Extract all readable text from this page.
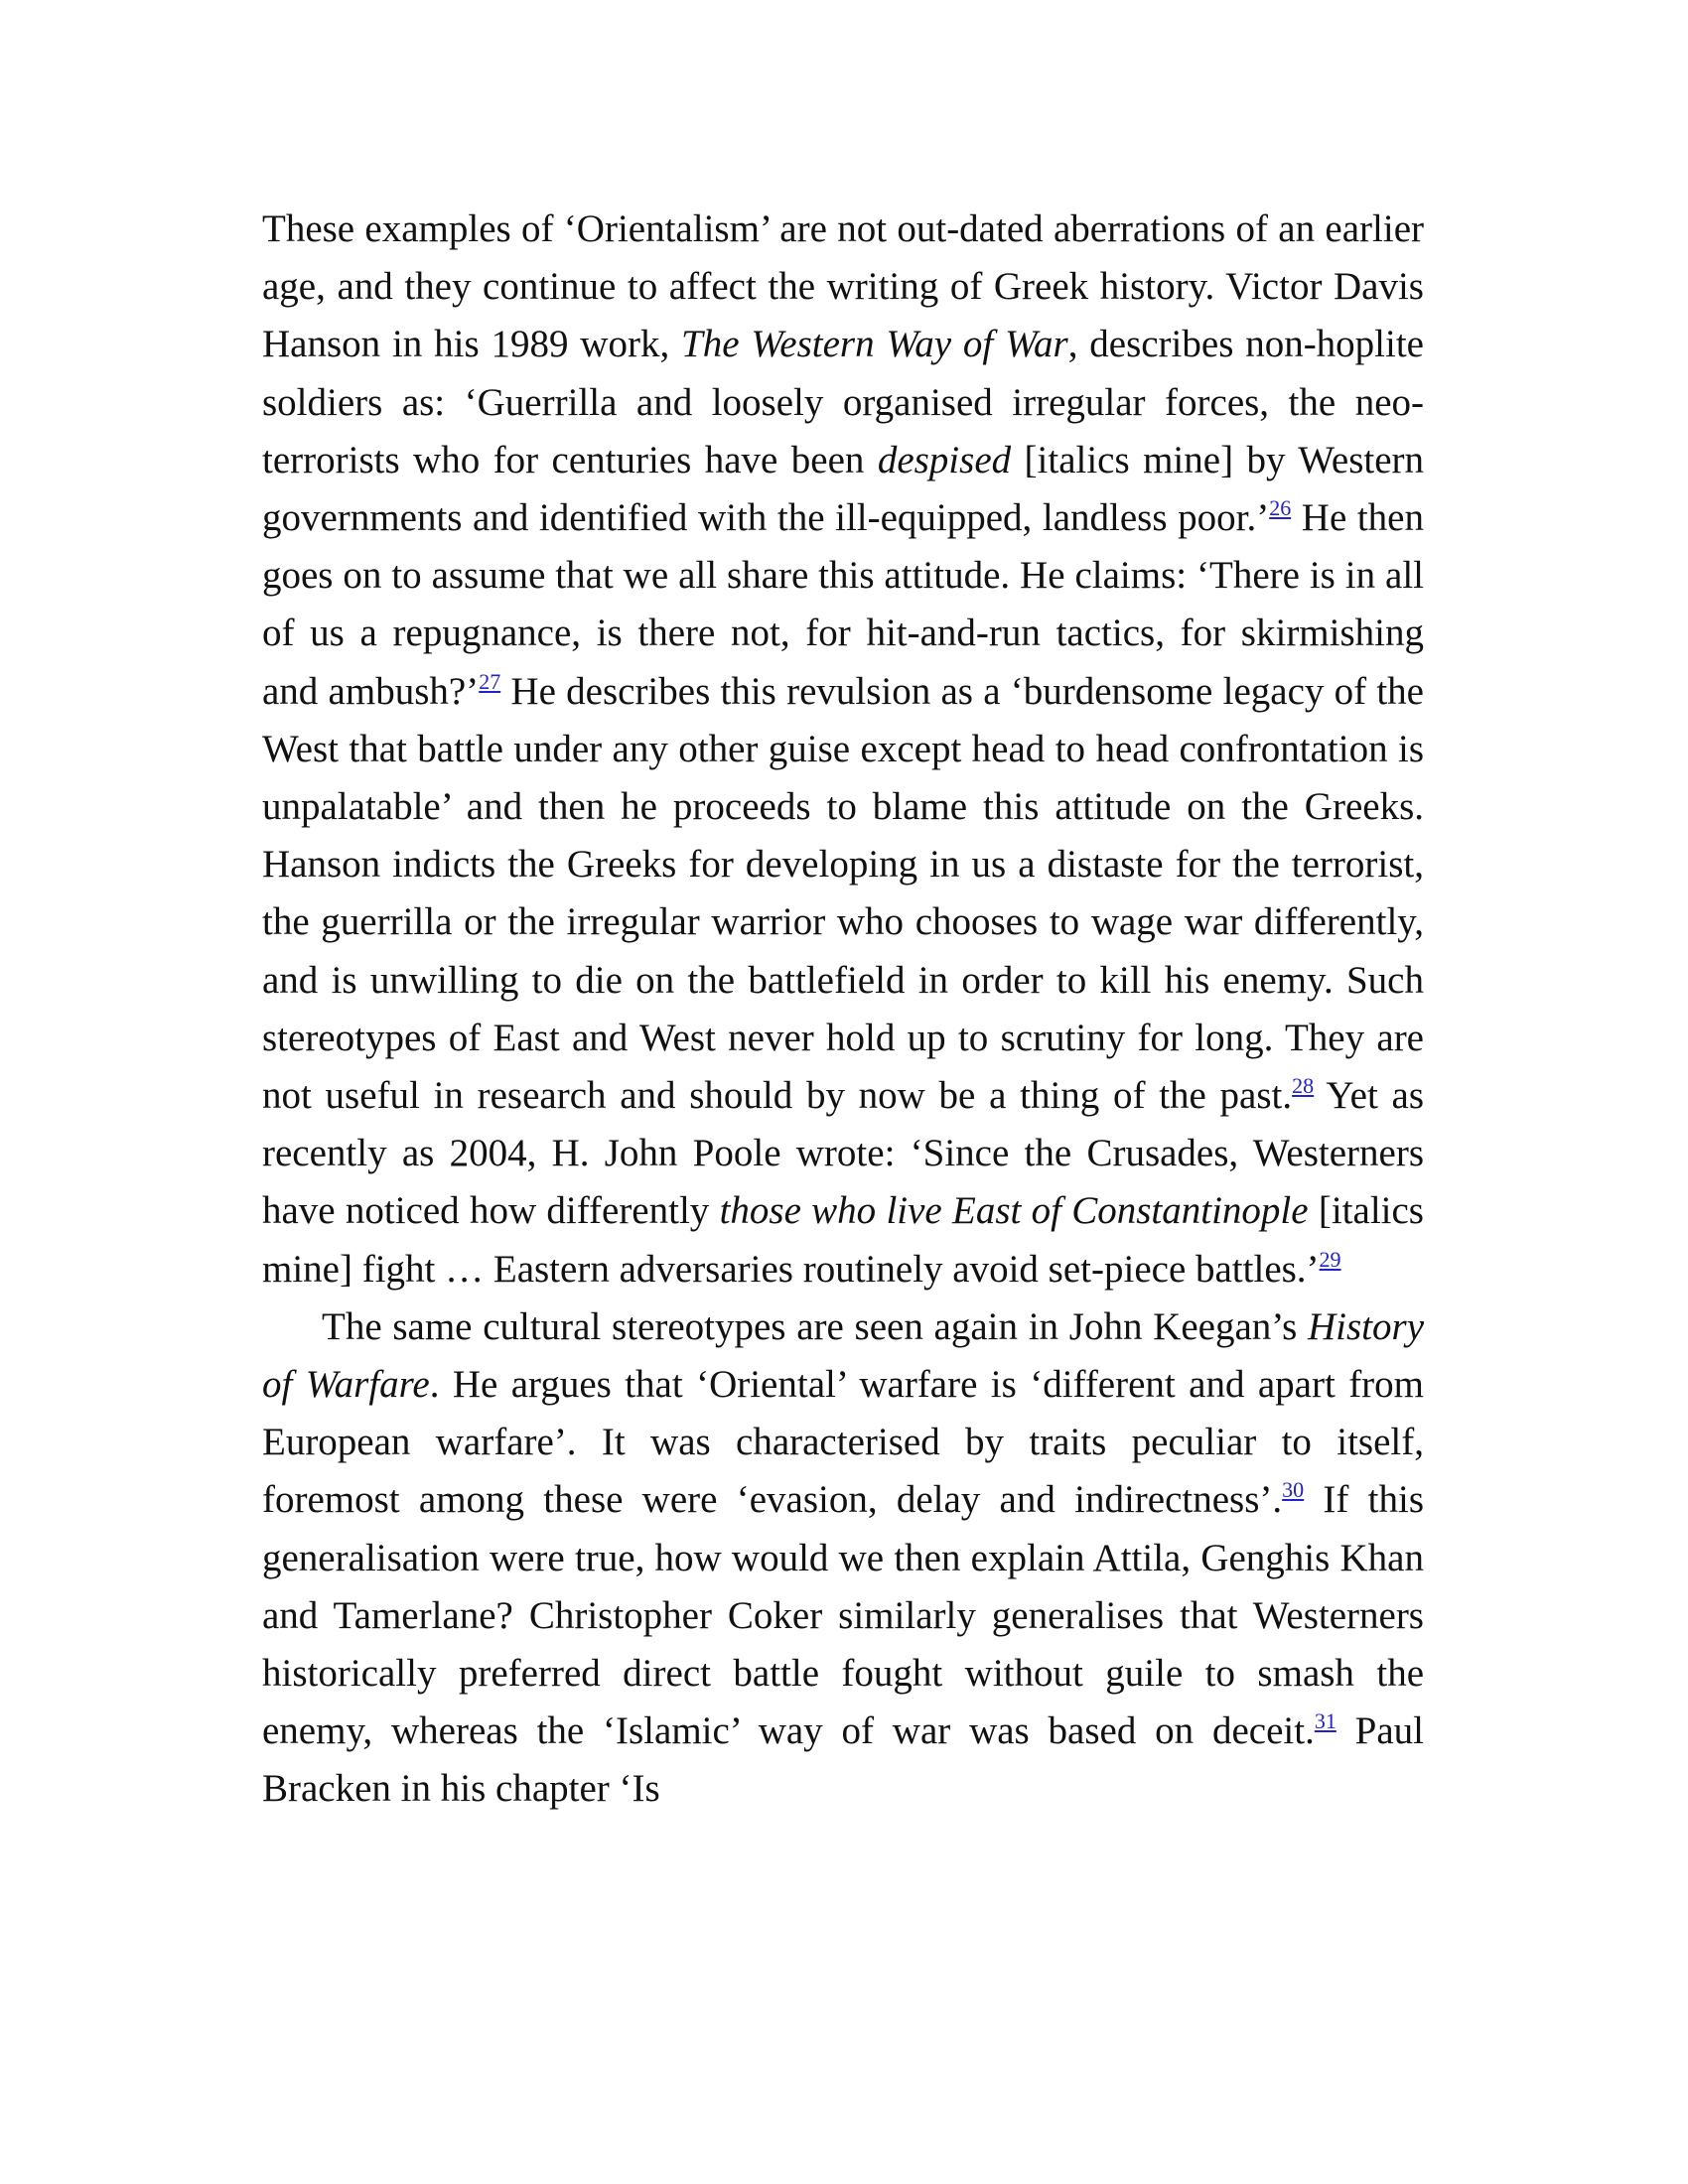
These examples of ‘Orientalism’ are not out-dated aberrations of an earlier age, and they continue to affect the writing of Greek history. Victor Davis Hanson in his 1989 work, The Western Way of War, describes non-hoplite soldiers as: ‘Guerrilla and loosely organised irregular forces, the neo-terrorists who for centuries have been despised [italics mine] by Western governments and identified with the ill-equipped, landless poor.’$^{26}$ He then goes on to assume that we all share this attitude. He claims: ‘There is in all of us a repugnance, is there not, for hit-and-run tactics, for skirmishing and ambush?’$^{27}$ He describes this revulsion as a ‘burdensome legacy of the West that battle under any other guise except head to head confrontation is unpalatable’ and then he proceeds to blame this attitude on the Greeks. Hanson indicts the Greeks for developing in us a distaste for the terrorist, the guerrilla or the irregular warrior who chooses to wage war differently, and is unwilling to die on the battlefield in order to kill his enemy. Such stereotypes of East and West never hold up to scrutiny for long. They are not useful in research and should by now be a thing of the past.$^{28}$ Yet as recently as 2004, H. John Poole wrote: ‘Since the Crusades, Westerners have noticed how differently those who live East of Constantinople [italics mine] fight … Eastern adversaries routinely avoid set-piece battles.’$^{29}$

The same cultural stereotypes are seen again in John Keegan’s History of Warfare. He argues that ‘Oriental’ warfare is ‘different and apart from European warfare’. It was characterised by traits peculiar to itself, foremost among these were ‘evasion, delay and indirectness’.$^{30}$ If this generalisation were true, how would we then explain Attila, Genghis Khan and Tamerlane? Christopher Coker similarly generalises that Westerners historically preferred direct battle fought without guile to smash the enemy, whereas the ‘Islamic’ way of war was based on deceit.$^{31}$ Paul Bracken in his chapter ‘Is
